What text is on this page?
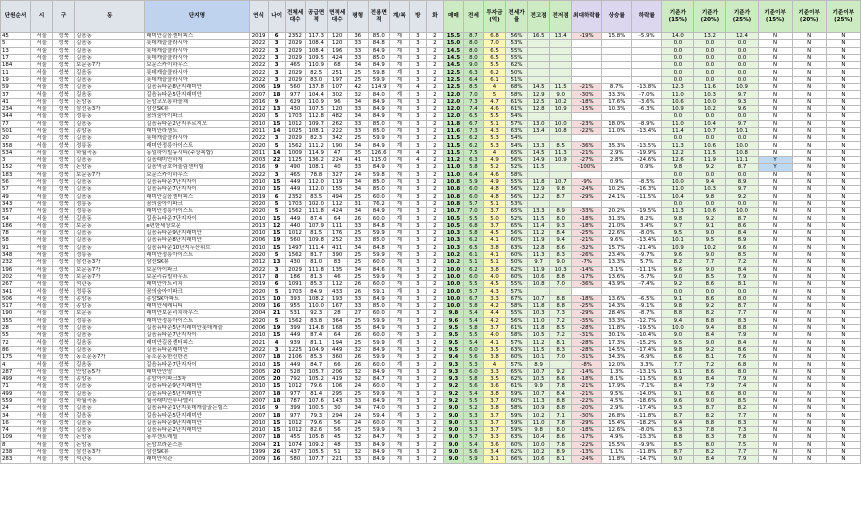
단원순서	시	구	동	단지명	연식	나이	전체세대수	공급면적	면적세대수	평형	전용면적	계/복	방	화	매매	전세	투자금(억)	전세가율	전고점	전저점	최대하락률	상승률	하락률	기준가(15%)	기준가(20%)	기준가(25%)	기준이부(15%)	기준이부(20%)	기준이부(25%)
45	서울	성북	길음동	래미안길음센터피스	2019	6	2352	117.3	120	36	85.0	계	3	2	15.5	8.7	6.8	56%	16.5	13.4	-19%	15.8%	-5.9%	14.0	13.2	12.4	N	N	N
5	서울	성북	길음동	롯데캐슬클라시아	2022	3	2029	108.4	120	33	84.8	계	3	2	15.0	8.0	7.0	53%						0.0	0.0	0.0	N	N	N
13	서울	성북	길음동	롯데캐슬클라시아	2022	3	2029	108.4	196	33	84.9	계	3	2	14.5	8.0	6.5	55%						0.0	0.0	0.0	N	N	N
17	서울	성북	길음동	롯데캐슬클라시아	2022	3	2029	109.5	424	33	85.0	계	3	2	14.5	8.0	6.5	55%						0.0	0.0	0.0	N	N	N
184	서울	성북	보문동7가	보문스카이하우스	2022	3	465	110.9	68	34	84.9	계	3	2	14.5	9.0	5.5	62%						0.0	0.0	0.0	N	N	N
11	서울	성북	길음동	롯데캐슬클라시아	2022	3	2029	82.5	251	25	59.8	계	3	2	12.5	6.3	6.2	50%						0.0	0.0	0.0	N	N	N
19	서울	성북	길음동	롯데캐슬클라시아	2022	3	2029	83.0	197	25	59.9	계	3	2	12.5	6.4	6.1	51%						0.0	0.0	0.0	N	N	N
59	서울	성북	길음동	길음뉴타운8단지래미안	2006	19	560	137.8	107	42	114.9	계	4	2	12.5	8.5	4	68%	14.5	11.5	-21%	8.7%	-13.8%	12.3	11.6	10.9	N	N	N
37	서울	성북	길음동	길음뉴타운5단지래미안	2007	18	977	104.4	302	32	84.0	계	3	2	12.0	7.0	5	58%	12.9	9.0	-30%	33.3%	-7.0%	11.0	10.3	9.7	N	N	N
41	서울	성북	돈암동	돈암코오롱하늘채	2016	9	629	110.9	96	34	84.9	계	3	2	12.0	7.3	4.7	61%	12.5	10.2	-18%	17.6%	-3.6%	10.6	10.0	9.3	N	N	N
234	서울	성북	삼선동3가	삼선SK뷰	2012	13	430	107.5	120	33	84.9	계	3	2	12.0	7.4	4.6	61%	12.8	10.9	-15%	10.3%	-6.3%	10.9	10.2	9.6	N	N	N
344	서울	성북	정릉동	꿈의숲아이파크	2020	5	1703	112.8	482	34	84.9	계	3	2	12.0	6.5	5.5	54%						0.0	0.0	0.0	N	N	N
77	서울	성북	길음동	길음뉴타운2단지푸르지오	2010	15	1012	109.7	262	33	85.0	계	3	2	11.8	6.7	5.1	57%	13.0	10.0	-23%	18.0%	-8.9%	11.0	10.4	9.7	N	N	N
501	서울	성북	종암동	래미안라센트	2011	14	1025	108.1	222	33	85.0	계	3	2	11.6	7.3	4.3	63%	13.4	10.8	-22%	11.0%	-13.4%	11.4	10.7	10.1	N	N	N
20	서울	성북	길음동	롯데캐슬클라시아	2022	3	2029	82.3	342	25	59.9	계	3	2	11.5	6.2	5.3	54%						0.0	0.0	0.0	N	N	N
358	서울	성북	정릉동	래미안정릉아이스트	2020	5	1562	111.2	190	34	84.9	계	3	2	11.5	6.2	5.3	54%	13.3	8.5	-36%	35.3%	-13.5%	11.3	10.6	10.0	N	N	N
534	서울	성북	하월곡동	동일하이빌뉴시티(주상복합)	2011	14	1009	114.9	47	35	126.6	계	4	2	11.5	7.5	4	65%	14.5	11.3	-21%	2.9%	-19.9%	12.2	11.5	10.8	N	N	N
3	서울	성북	길음동	길음래미안하저	2003	22	1125	136.2	224	41	115.0	계	4	2	11.2	6.3	4.9	56%	14.9	10.9	-27%	2.8%	-24.6%	12.6	11.9	11.1	Y	N	N
152	서울	성북	돈암동	길음역금호어울림센터힐	2016	9	490	108.1	40	33	84.9	계	3	2	11.0	5.8	5.2	52%	11.5		-100%		0.9%	9.8	9.2	8.7	Y	N	N
183	서울	성북	보문동7가	보문스카이하우스	2022	3	465	78.8	327	24	59.8	계	3	2	11.0	6.4	4.6	58%						0.0	0.0	0.0	N	N	N
56	서울	성북	길음동	길음뉴타운7단지자이	2010	15	449	112.0	119	34	85.0	계	3	2	10.8	5.9	4.9	55%	11.8	10.7	-9%	0.9%	-8.5%	10.0	9.4	8.9	N	N	N
57	서울	성북	길음동	길음뉴타운7단지자이	2010	15	449	112.0	155	34	85.0	계	3	2	10.8	6.0	4.8	56%	12.9	9.8	-24%	10.2%	-16.3%	11.0	10.3	9.7	N	N	N
49	서울	성북	길음동	래미안길음센터피스	2019	6	2352	83.5	494	25	60.0	계	3	2	10.8	6.0	4.8	56%	12.2	8.7	-29%	24.1%	-11.5%	10.4	9.8	9.2	N	N	N
343	서울	성북	정릉동	꿈의숲아이파크	2020	5	1703	102.0	112	31	76.2	계	3	2	10.8	5.7	5.1	53%						0.0	0.0	0.0	N	N	N
357	서울	성북	정릉동	래미안정릉아이스트	2020	5	1562	111.8	424	34	84.9	계	3	2	10.7	7.0	3.7	65%	13.3	8.9	-33%	20.2%	-19.5%	11.3	10.6	10.0	N	N	N
54	서울	성북	길음동	길음뉴타운7단지자이	2010	15	449	87.4	64	26	60.0	계	3	2	10.5	5.5	5.0	52%	11.5	8.0	-18%	31.3%	8.2%	9.8	9.2	8.7	N	N	N
186	서울	성북	보문동	e편한세상보문	2013	12	440	107.9	111	33	84.8	계	3	2	10.5	6.8	3.7	65%	11.4	9.3	-18%	21.0%	3.4%	9.7	9.1	8.6	N	N	N
78	서울	성북	길음동	길음뉴타운9단지래미안	2010	15	1012	81.5	176	25	59.9	계	3	2	10.3	5.8	4.5	56%	11.2	8.4	-25%	22.6%	-8.0%	9.5	9.0	8.4	N	N	N
58	서울	성북	길음동	길음뉴타운8단지래미안	2006	19	560	109.8	252	33	85.0	계	3	2	10.3	6.2	4.1	60%	11.9	9.4	-21%	9.6%	-13.4%	10.1	9.5	8.9	N	N	N
91	서울	성북	길음동	길음뉴타운10단지두산위브	2010	15	1497	111.4	411	34	84.8	계	3	2	10.3	6.5	3.8	63%	12.8	8.6	-32%	15.7%	-21.4%	10.9	10.2	9.6	N	N	N
348	서울	성북	정릉동	래미안정릉아이스트	2020	5	1562	81.7	390	25	59.9	계	3	2	10.2	6.1	4.1	60%	11.3	8.3	-26%	23.4%	-9.7%	9.6	9.0	8.5	N	N	N
232	서울	성북	삼선동3가	삼선SK뷰	2012	13	430	81.0	83	25	60.0	계	3	2	10.2	5.1	5.1	50%	9.7	9.0	-7%	13.3%	5.7%	8.2	7.7	7.2	N	N	N
196	서울	성북	보문동7가	보문아이파크	2022	3	2029	111.8	135	34	84.6	계	3	2	10.0	6.2	3.8	62%	11.9	10.3	-14%	3.1%	-11.1%	9.6	9.0	8.4	N	N	N
202	서울	성북	보문동7가	보문리슈빌하우트	2017	8	186	81.3	46	25	59.9	계	3	2	10.0	6.0	4.0	60%	10.6	8.8	-17%	13.6%	-5.7%	9.0	8.5	7.9	N	N	N
267	서울	성북	석관동	래미안아트리치	2019	6	1091	85.3	112	26	60.0	계	3	2	10.0	5.5	4.5	55%	10.8	7.0	-36%	43.9%	-7.4%	9.2	8.6	8.1	N	N	N
341	서울	성북	정릉동	꿈의숲아이파크	2020	5	1703	84.9	433	26	59.1	계	3	2	10.0	5.7	4.3	57%						0.0	0.0	0.0	N	N	N
506	서울	성북	종암동	종암SK아파트	2015	10	393	108.2	193	33	84.9	계	3	2	10.0	6.7	3.3	67%	10.7	8.8	-18%	13.6%	-6.5%	9.1	8.6	8.0	N	N	N
517	서울	성북	종암동	래미안세레니티	2009	16	955	110.0	167	33	85.0	계	3	2	10.0	5.8	4.2	58%	11.8	8.8	-25%	14.3%	-9.1%	9.8	9.2	8.7	N	N	N
190	서울	성북	보문동	래미안보문리치하우스	2004	21	531	92.3	28	27	60.0	계	3	2	9.8	5.4	4.4	55%	10.3	7.3	-29%	28.4%	-8.7%	8.8	8.2	7.7	N	N	N
355	서울	성북	정릉동	래미안정릉아이스트	2020	5	1562	83.8	364	25	59.9	계	3	2	9.6	5.4	4.2	56%	11.0	7.2	-35%	33.3%	-12.7%	9.4	8.8	8.3	N	N	N
28	서울	성북	길음동	길음뉴타운5단지래미안롯데캐슬	2006	19	399	114.8	168	35	84.9	계	3	2	9.5	5.8	3.7	61%	11.8	8.5	-28%	11.8%	-19.5%	10.0	9.4	8.8	N	N	N
55	서울	성북	길음동	길음뉴타운7단지자이	2010	15	449	87.4	64	26	60.0	계	3	2	9.5	5.5	4.0	58%	10.5	7.2	-31%	30.1%	-10.4%	9.0	8.4	7.9	N	N	N
72	서울	성북	길음동	래미안길음센터피스	2021	4	939	81.1	194	25	59.9	계	3	2	9.5	5.4	4.1	57%	11.2	8.1	-28%	17.3%	-15.2%	9.5	9.0	8.4	N	N	N
86	서울	성북	길음동	길음뉴타운래미안	2022	3	1225	104.9	449	32	84.9	계	3	2	9.5	6.0	3.5	63%	11.5	8.3	-28%	14.5%	-17.4%	9.8	9.2	8.6	N	N	N
175	서울	성북	동소문동7가	동소문동한신한진	2007	18	2106	85.3	360	26	59.9	계	3	2	9.4	5.6	3.8	60%	10.1	7.0	-31%	34.3%	-6.9%	8.6	8.1	7.6	N	N	N
4	서울	성북	길음동	길음뉴타운7단지자이	2010	15	449	84.7	66	26	60.0	계	3	2	9.3	5.3	4	57%	8.9		-8%	12.0%	3.3%	7.7	7.2	6.8	N	N	N
287	서울	성북	안암동5가	래미안안암	2005	20	528	105.7	206	32	84.9	계	3	2	9.3	6.0	3.3	65%	10.7	9.2	-14%	1.3%	-13.1%	9.1	8.6	8.0	N	N	N
499	서울	성북	종암동	종암아이파크3차	2005	20	792	105.2	419	32	84.7	계	3	2	9.3	5.8	3.5	62%	10.5	8.6	-18%	8.1%	-11.5%	8.9	8.4	7.9	N	N	N
71	서울	성북	길음동	길음뉴타운9단지래미안	2010	15	1012	79.6	106	24	60.0	계	3	2	9.2	5.6	3.6	61%	9.9	7.8	-21%	17.9%	-7.1%	8.4	7.9	7.4	N	N	N
499	서울	성북	길음동	길음뉴타운5단지래미안	2007	18	977	81.4	295	25	59.9	계	3	2	9.2	5.4	3.8	59%	10.7	8.4	-21%	9.5%	-14.0%	9.1	8.6	8.0	N	N	N
559	서울	성북	하월곡동	월곡래미안루나밸리	2007	18	787	107.6	143	33	84.9	계	3	2	9.2	5.5	3.7	60%	11.3	8.8	-22%	4.5%	-18.6%	9.6	9.0	8.5	N	N	N
24	서울	성북	길음동	길음뉴타운1단지롯데캐슬골든힐스	2016	9	399	100.5	30	34	74.0	계	3	2	9.0	5.2	3.8	58%	10.9	8.8	-20%	2.9%	-17.4%	9.3	8.7	8.2	N	N	N
34	서울	성북	길음동	길음뉴타운5단지래미안	2007	18	977	79.3	294	24	59.4	계	3	2	9.0	5.3	3.7	59%	10.2	7.1	-30%	26.8%	-11.8%	8.7	8.2	7.7	N	N	N
16	서울	성북	길음동	길음뉴타운9단지래미안	2010	15	1012	79.6	56	24	60.0	계	3	2	9.0	5.3	3.7	59%	11.0	7.8	-29%	15.4%	-18.2%	9.4	8.8	8.3	N	N	N
74	서울	성북	길음동	길음뉴타운2단지래미안	2010	15	1012	82.6	56	25	59.9	계	3	2	9.0	5.3	3.7	59%	9.8	8.0	-18%	12.6%	-8.0%	8.3	7.8	7.3	N	N	N
109	서울	성북	돈암동	동부센트레빌	2007	18	455	105.8	45	32	84.7	계	3	2	9.0	5.7	3.3	63%	10.4	8.6	-17%	4.9%	-13.3%	8.8	8.3	7.8	N	N	N
8	서울	성북	돈암동	돈암브라운스톤	2004	21	1074	109.2	48	33	84.9	계	3	2	9.0	5.4	3.6	60%	10.0	7.8	-22%	15.5%	-9.9%	8.5	8.0	7.5	N	N	N
238	서울	성북	삼선동3가	삼선SK뷰	1999	26	437	105.5	51	32	84.9	계	3	2	9.0	5.6	3.4	62%	10.2	8.9	-13%	1.1%	-11.8%	8.7	8.2	7.7	N	N	N
283	서울	성북	석관동	래미안석관	2009	16	580	107.7	221	33	84.9	계	3	2	9.0	5.9	3.1	66%	10.6	8.1	-24%	11.8%	-14.7%	9.0	8.4	7.9	N	N	N
